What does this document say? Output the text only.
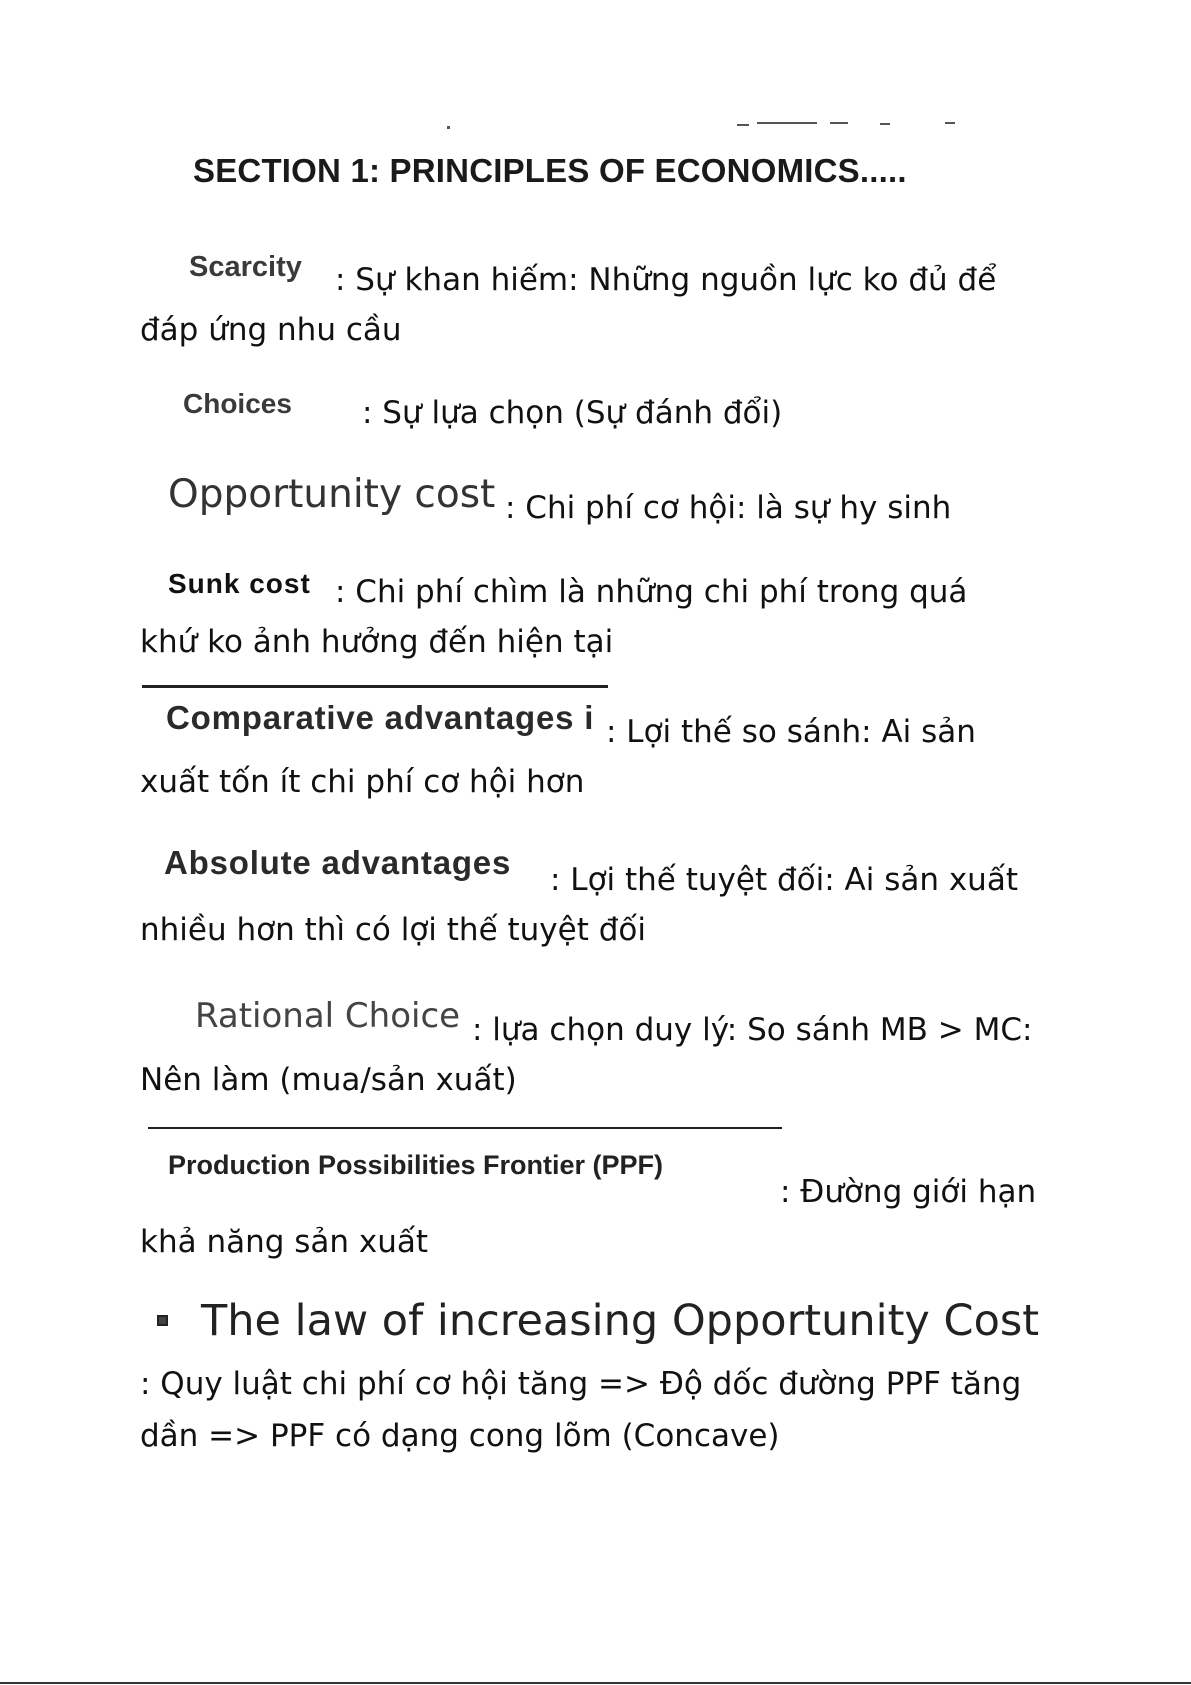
SECTION 1: PRINCIPLES OF ECONOMICS.....
Scarcity : Sự khan hiếm: Những nguồn lực ko đủ để
đáp ứng nhu cầu
Choices : Sự lựa chọn (Sự đánh đổi)
Opportunity cost : Chi phí cơ hội: là sự hy sinh
Sunk cost : Chi phí chìm là những chi phí trong quá
khứ ko ảnh hưởng đến hiện tại
Comparative advantages i : Lợi thế so sánh: Ai sản
xuất tốn ít chi phí cơ hội hơn
Absolute advantages : Lợi thế tuyệt đối: Ai sản xuất
nhiều hơn thì có lợi thế tuyệt đối
Rational Choice : lựa chọn duy lý: So sánh MB > MC:
Nên làm (mua/sản xuất)
Production Possibilities Frontier (PPF)
: Đường giới hạn
khả năng sản xuất
The law of increasing Opportunity Cost
: Quy luật chi phí cơ hội tăng => Độ dốc đường PPF tăng
dần => PPF có dạng cong lõm (Concave)
